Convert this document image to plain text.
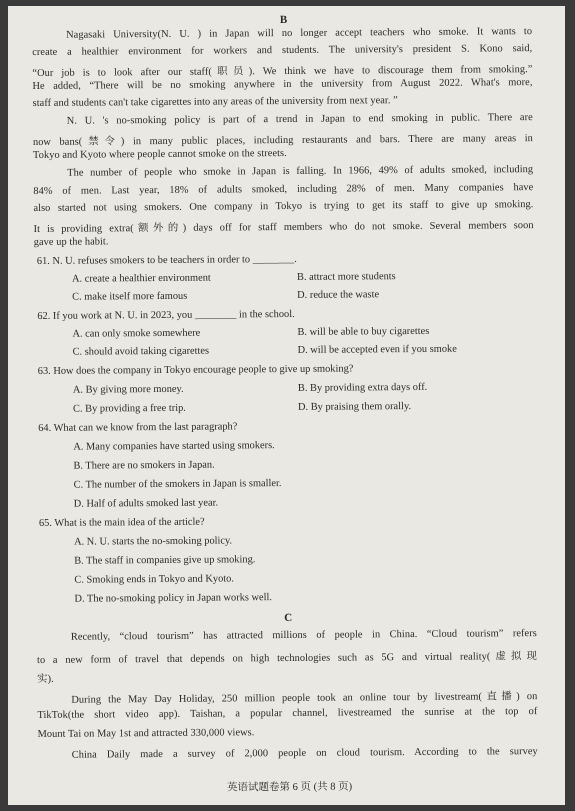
B
Nagasaki University(N. U. ) in Japan will no longer accept teachers who smoke. It wants to
create a healthier environment for workers and students. The university's president S. Kono said,
“Our job is to look after our staff(职员). We think we have to discourage them from smoking.”
He added, “There will be no smoking anywhere in the university from August 2022. What's more,
staff and students can't take cigarettes into any areas of the university from next year. ”
N. U. 's no-smoking policy is part of a trend in Japan to end smoking in public. There are
now bans(禁令) in many public places, including restaurants and bars. There are many areas in
Tokyo and Kyoto where people cannot smoke on the streets.
The number of people who smoke in Japan is falling. In 1966, 49% of adults smoked, including
84% of men. Last year, 18% of adults smoked, including 28% of men. Many companies have
also started not using smokers. One company in Tokyo is trying to get its staff to give up smoking.
It is providing extra(额外的) days off for staff members who do not smoke. Several members soon
gave up the habit.
61. N. U. refuses smokers to be teachers in order to ________.
A. create a healthier environment	B. attract more students
C. make itself more famous	D. reduce the waste
62. If you work at N. U. in 2023, you ________ in the school.
A. can only smoke somewhere	B. will be able to buy cigarettes
C. should avoid taking cigarettes	D. will be accepted even if you smoke
63. How does the company in Tokyo encourage people to give up smoking?
A. By giving more money.	B. By providing extra days off.
C. By providing a free trip.	D. By praising them orally.
64. What can we know from the last paragraph?
A. Many companies have started using smokers.
B. There are no smokers in Japan.
C. The number of the smokers in Japan is smaller.
D. Half of adults smoked last year.
65. What is the main idea of the article?
A. N. U. starts the no-smoking policy.
B. The staff in companies give up smoking.
C. Smoking ends in Tokyo and Kyoto.
D. The no-smoking policy in Japan works well.
C
Recently, “cloud tourism” has attracted millions of people in China. “Cloud tourism” refers
to a new form of travel that depends on high technologies such as 5G and virtual reality(虚拟现
实).
During the May Day Holiday, 250 million people took an online tour by livestream(直播) on
TikTok(the short video app). Taishan, a popular channel, livestreamed the sunrise at the top of
Mount Tai on May 1st and attracted 330,000 views.
China Daily made a survey of 2,000 people on cloud tourism. According to the survey
英语试题卷第 6 页 (共 8 页)
